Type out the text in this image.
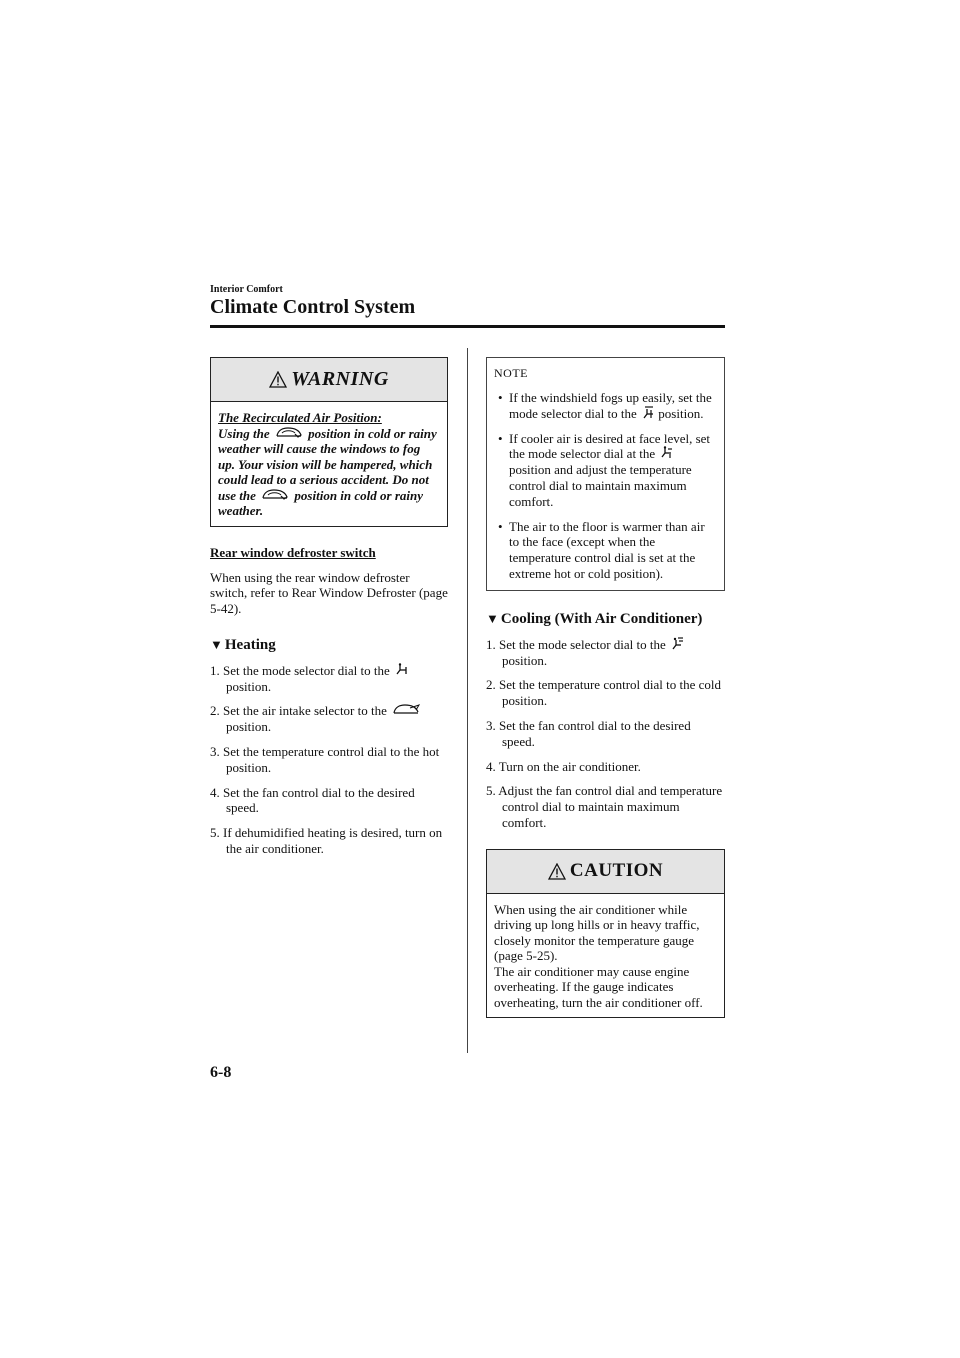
Interior Comfort
Climate Control System
WARNING
The Recirculated Air Position:
Using the	position in cold or rainy weather will cause the windows to fog up. Your vision will be hampered, which could lead to a serious accident. Do not use the	position in cold or rainy weather.
Rear window defroster switch
When using the rear window defroster switch, refer to Rear Window Defroster (page 5-42).
▼ Heating
1. Set the mode selector dial to the  position.
2. Set the air intake selector to the  position.
3. Set the temperature control dial to the hot position.
4. Set the fan control dial to the desired speed.
5. If dehumidified heating is desired, turn on the air conditioner.
NOTE
• If the windshield fogs up easily, set the mode selector dial to the position.
• If cooler air is desired at face level, set the mode selector dial at the  position and adjust the temperature control dial to maintain maximum comfort.
• The air to the floor is warmer than air to the face (except when the temperature control dial is set at the extreme hot or cold position).
▼ Cooling (With Air Conditioner)
1. Set the mode selector dial to the  position.
2. Set the temperature control dial to the cold position.
3. Set the fan control dial to the desired speed.
4. Turn on the air conditioner.
5. Adjust the fan control dial and temperature control dial to maintain maximum comfort.
CAUTION
When using the air conditioner while driving up long hills or in heavy traffic, closely monitor the temperature gauge (page 5-25).
The air conditioner may cause engine overheating. If the gauge indicates overheating, turn the air conditioner off.
6-8
